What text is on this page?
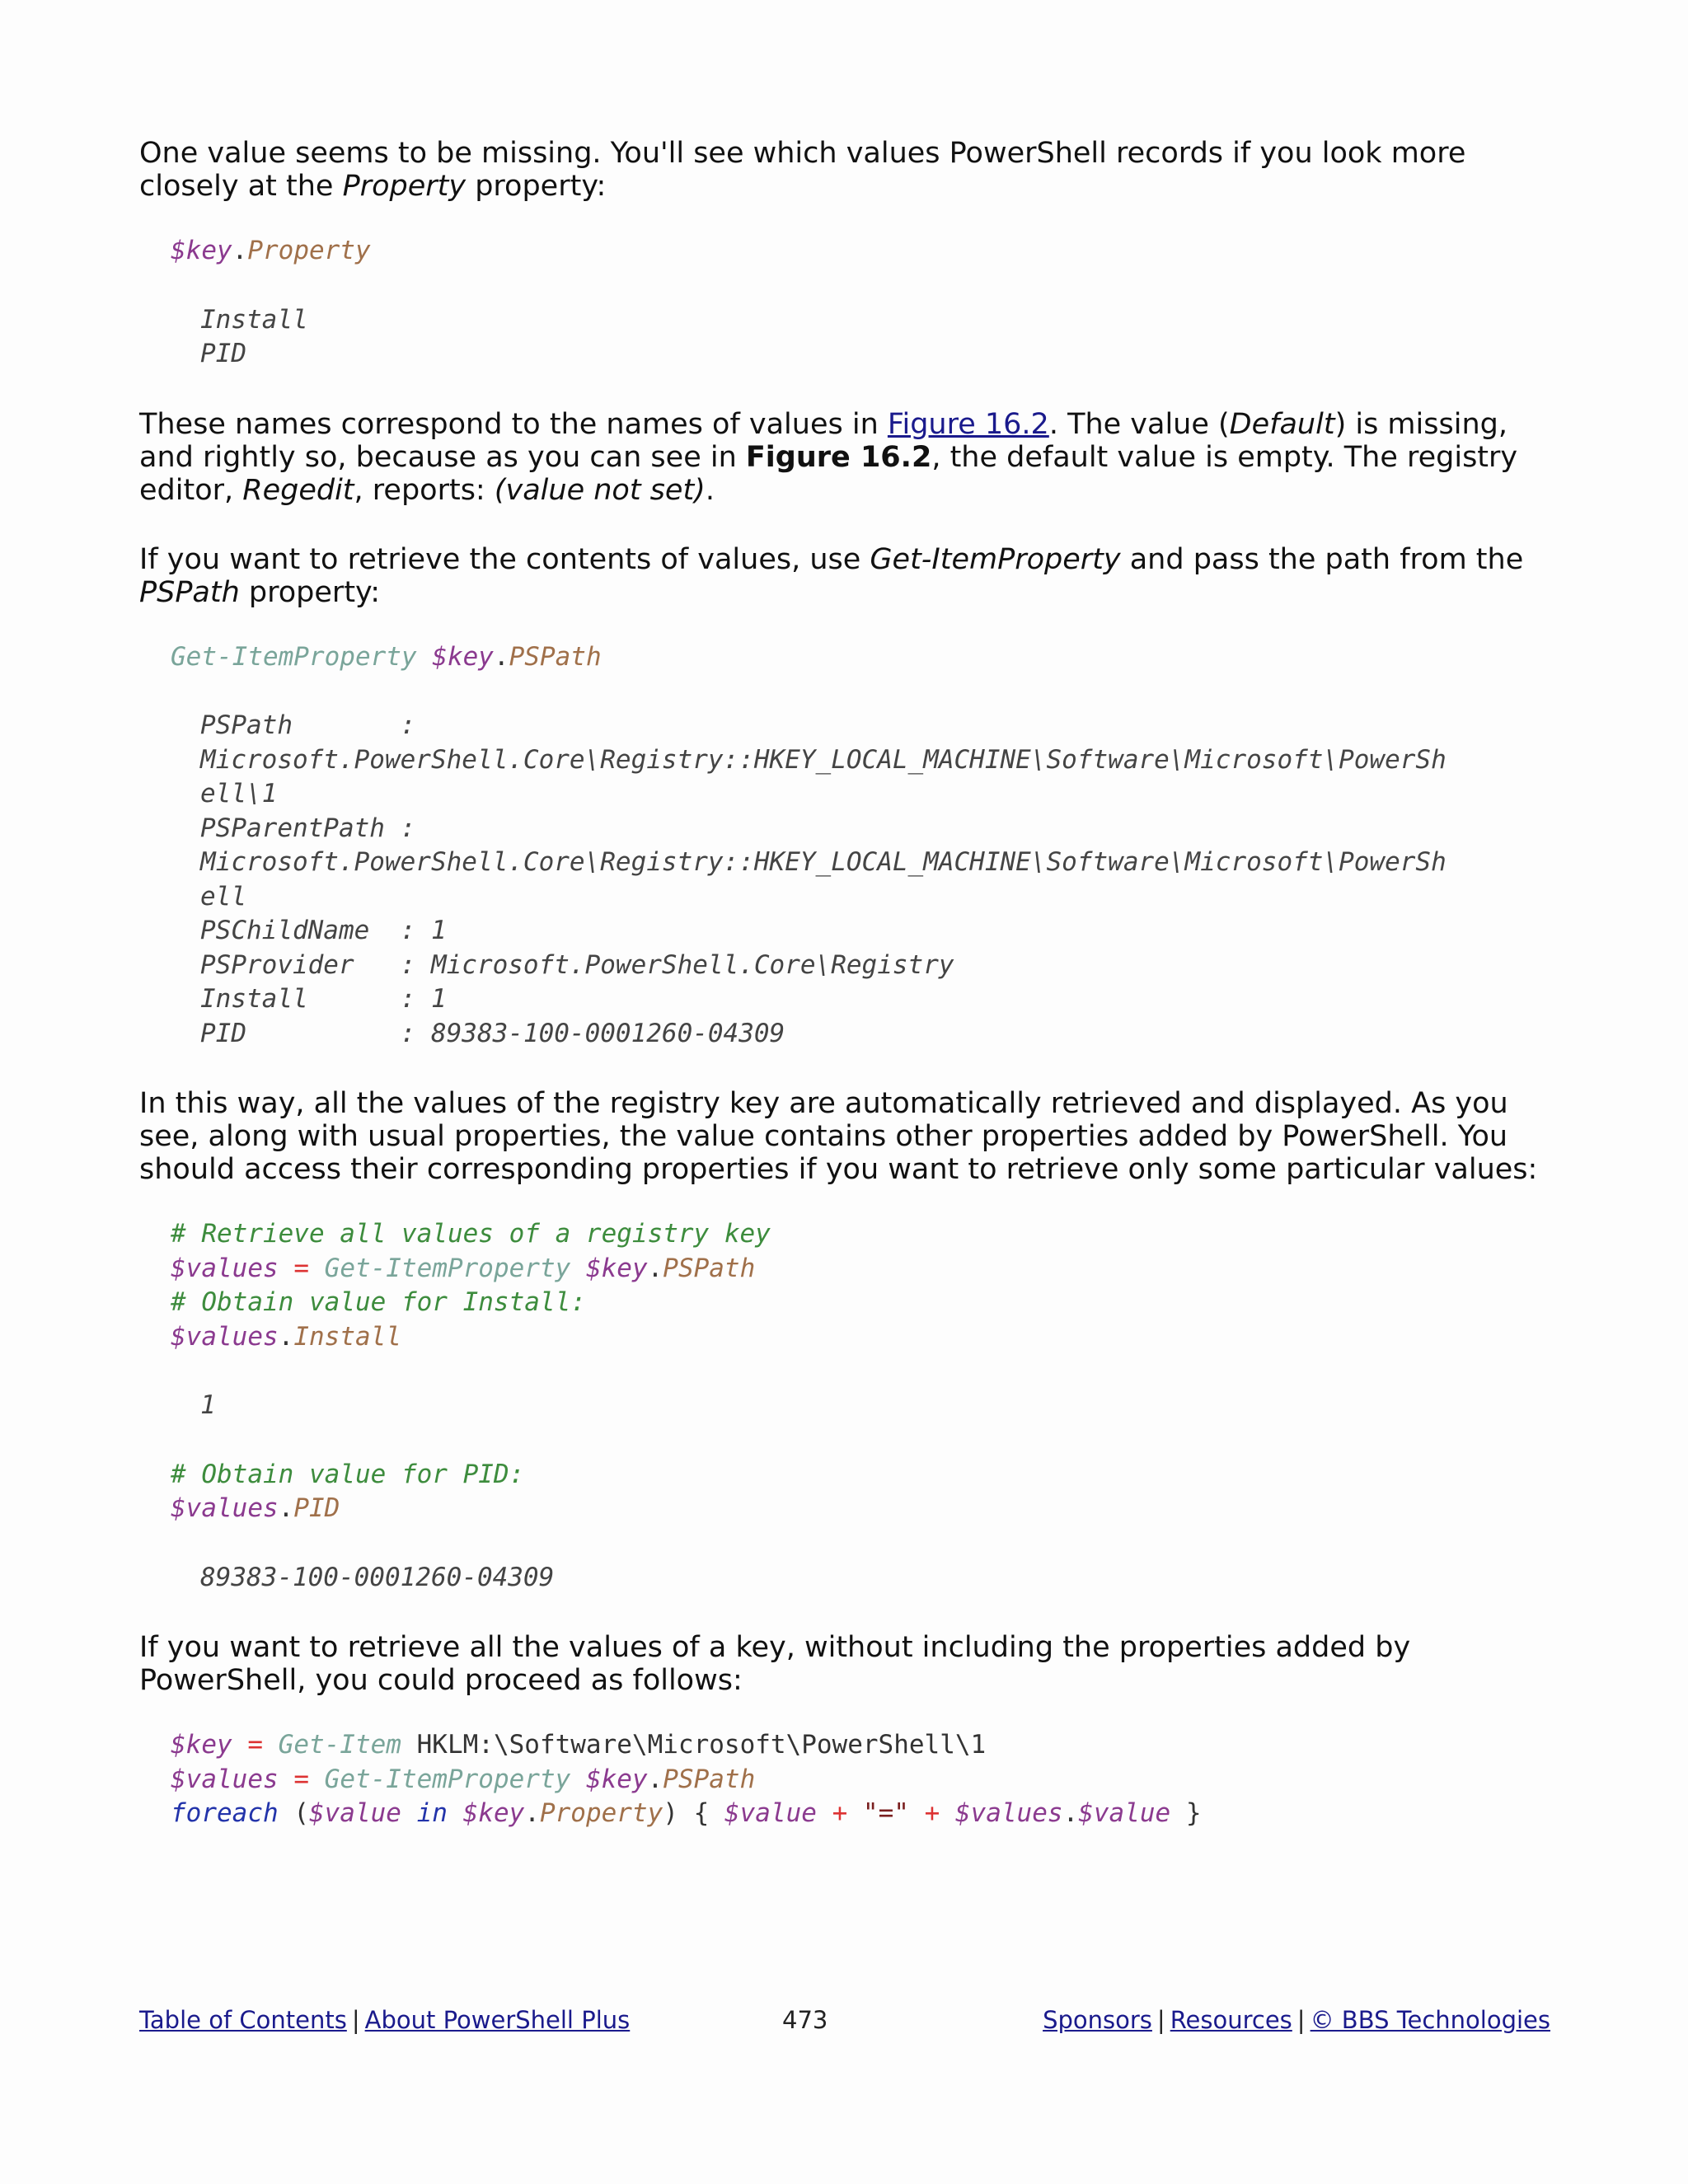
One value seems to be missing. You'll see which values PowerShell records if you look more closely at the Property property:

$key.Property
Install
PID

These names correspond to the names of values in Figure 16.2. The value (Default) is missing, and rightly so, because as you can see in Figure 16.2, the default value is empty. The registry editor, Regedit, reports: (value not set).

If you want to retrieve the contents of values, use Get-ItemProperty and pass the path from the PSPath property:

Get-ItemProperty $key.PSPath
PSPath       :
Microsoft.PowerShell.Core\Registry::HKEY_LOCAL_MACHINE\Software\Microsoft\PowerSh
ell\1
PSParentPath :
Microsoft.PowerShell.Core\Registry::HKEY_LOCAL_MACHINE\Software\Microsoft\PowerSh
ell
PSChildName  : 1
PSProvider   : Microsoft.PowerShell.Core\Registry
Install      : 1
PID          : 89383-100-0001260-04309

In this way, all the values of the registry key are automatically retrieved and displayed. As you see, along with usual properties, the value contains other properties added by PowerShell. You should access their corresponding properties if you want to retrieve only some particular values:

# Retrieve all values of a registry key
$values = Get-ItemProperty $key.PSPath
# Obtain value for Install:
$values.Install
1
# Obtain value for PID:
$values.PID
89383-100-0001260-04309

If you want to retrieve all the values of a key, without including the properties added by PowerShell, you could proceed as follows:

$key = Get-Item HKLM:\Software\Microsoft\PowerShell\1
$values = Get-ItemProperty $key.PSPath
foreach ($value in $key.Property) { $value + "=" + $values.$value }
Table of Contents | About PowerShell Plus	473	Sponsors | Resources | © BBS Technologies
